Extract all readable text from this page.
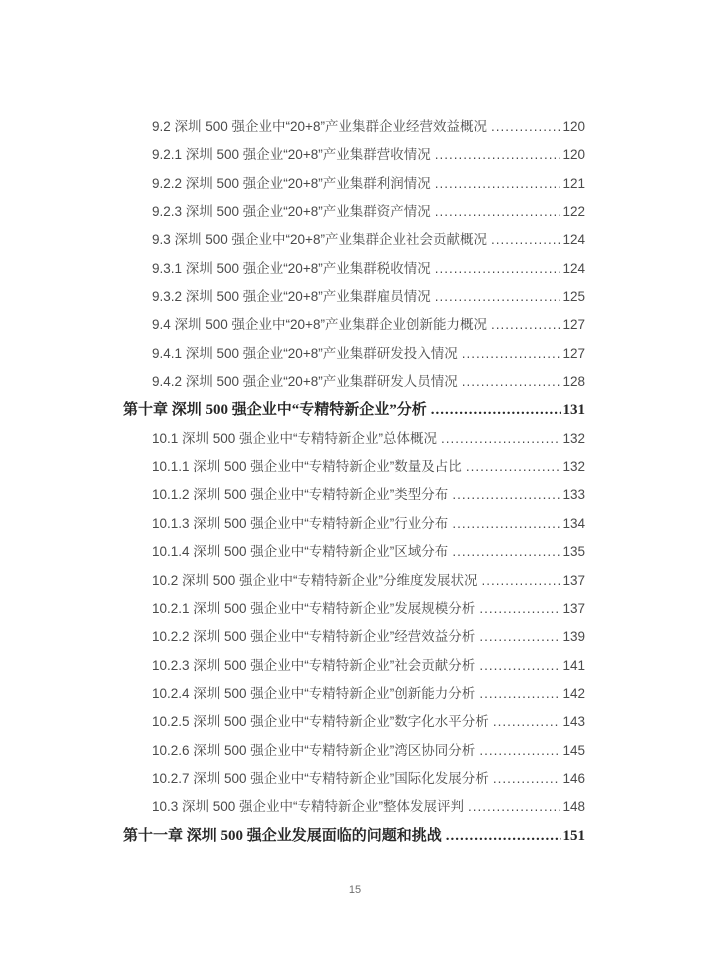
9.2 深圳 500 强企业中“20+8”产业集群企业经营效益概况 .....	120
9.2.1 深圳 500 强企业“20+8”产业集群营收情况 .....	120
9.2.2 深圳 500 强企业“20+8”产业集群利润情况 .....	121
9.2.3 深圳 500 强企业“20+8”产业集群资产情况 .....	122
9.3 深圳 500 强企业中“20+8”产业集群企业社会贡献概况 .....	124
9.3.1 深圳 500 强企业“20+8”产业集群税收情况 .....	124
9.3.2 深圳 500 强企业“20+8”产业集群雇员情况 .....	125
9.4 深圳 500 强企业中“20+8”产业集群企业创新能力概况 .....	127
9.4.1 深圳 500 强企业“20+8”产业集群研发投入情况 .....	127
9.4.2 深圳 500 强企业“20+8”产业集群研发人员情况 .....	128
第十章 深圳 500 强企业中“专精特新企业”分析 .....	131
10.1 深圳 500 强企业中“专精特新企业”总体概况 .....	132
10.1.1 深圳 500 强企业中“专精特新企业”数量及占比 .....	132
10.1.2 深圳 500 强企业中“专精特新企业”类型分布 .....	133
10.1.3 深圳 500 强企业中“专精特新企业”行业分布 .....	134
10.1.4 深圳 500 强企业中“专精特新企业”区域分布 .....	135
10.2 深圳 500 强企业中“专精特新企业”分维度发展状况 .....	137
10.2.1 深圳 500 强企业中“专精特新企业”发展规模分析 .....	137
10.2.2 深圳 500 强企业中“专精特新企业”经营效益分析 .....	139
10.2.3 深圳 500 强企业中“专精特新企业”社会贡献分析 .....	141
10.2.4 深圳 500 强企业中“专精特新企业”创新能力分析 .....	142
10.2.5 深圳 500 强企业中“专精特新企业”数字化水平分析 .....	143
10.2.6 深圳 500 强企业中“专精特新企业”湾区协同分析 .....	145
10.2.7 深圳 500 强企业中“专精特新企业”国际化发展分析 .....	146
10.3 深圳 500 强企业中“专精特新企业”整体发展评判 .....	148
第十一章 深圳 500 强企业发展面临的问题和挑战 .....	151
15
